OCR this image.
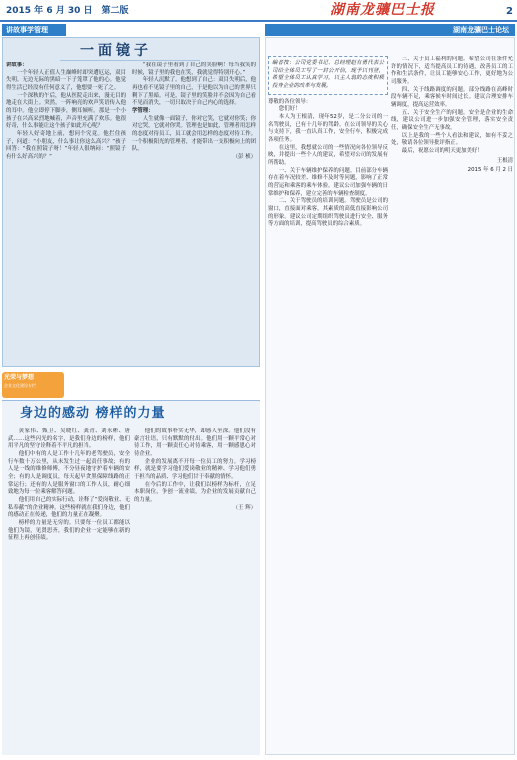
2015 年 6 月 30 日　 第二版	湖南龙骧巴士报	2
讲故事学管理
一面镜子

讲故事：

一个年轻人正值人生巅峰时却突遭厄运，双目失明。无边无际的黑暗一下子笼罩了他的心。他觉得生活已经没有任何意义了，他想要一死了之。

一个深秋的午后，他从医院走出来，漫无目的地走在大街上。突然，一阵响亮的欢声笑语传入他的耳中。他立即停下脚步，侧耳倾听。那是一个小孩子在兴高采烈地喊着，声音里充满了欢乐。他很好奇，什么事能让这个孩子如此开心呢？

年轻人好奇地上前，想问个究竟。他拦住孩子，问道：“小朋友，什么事让你这么高兴？”孩子回答：“我在照镜子呀！”年轻人很纳闷：“照镜子有什么好高兴的？”

“我在镜子里看到了自己的笑脸啊！每当我笑的时候，镜子里的我也在笑，我就觉得特别开心。”

年轻人沉默了。他想到了自己：双目失明后，他再也看不见镜子里的自己，于是他以为自己的世界只剩下了黑暗。可是，镜子里的笑脸并不会因为自己看不见而消失，一切只取决于自己内心的选择。

学管理：

人生就像一面镜子，你对它笑，它就对你笑；你对它哭，它就对你哭。管理也是如此，管理者用怎样的态度对待员工，员工就会用怎样的态度对待工作。一个积极阳光的管理者，才能带出一支积极向上的团队。

（彭 桢）

光荣与梦想
企业文化建设专栏
身边的感动 榜样的力量

黄家伟、甄卫、吴晓红、龚青、刘永彬、唐武……这些闪光的名字，是我们身边的榜样，他们用平凡的坚守诠释着不平凡的担当。

他们中有的人是工作十几年的老驾驶员，安全行车数十万公里，从未发生过一起责任事故；有的人是一线的维修师傅，不分昼夜地守护着车辆的安全；有的人是调度员，每天起早贪黑保障线路的正常运行；还有的人是服务窗口的工作人员，耐心细致地为每一位乘客解答问题。

他们用自己的实际行动，诠释了“爱岗敬业、无私奉献”的企业精神。这些榜样就在我们身边，他们的感动正在传递，他们的力量正在凝聚。

榜样的力量是无穷的。只要每一位员工都能以他们为镜，见贤思齐，我们的企业一定能够在新的征程上再创佳绩。

他们的故事朴实无华，却感人至深。他们没有豪言壮语，只有默默的付出。他们用一颗平常心对待工作，用一颗责任心对待乘客，用一颗感恩心对待企业。

企业的发展离不开每一位员工的努力。学习榜样，就是要学习他们爱岗敬业的精神、学习他们勇于担当的品质、学习他们甘于奉献的情怀。

在今后的工作中，让我们以榜样为标杆，立足本职岗位，争创一流业绩，为企业的发展贡献自己的力量。

（王 辉）

湖南龙骧巴士论坛
编者按：公司党委书记、总经理赵有勇代表公司给全体员工写了一封公开信，现予以刊登，希望全体员工认真学习，以主人翁的态度积极投身企业的改革与发展。

尊敬的各位领导：

您们好！

本人为王根清，现年52岁，是二分公司的一名驾驶员，已有十几年的驾龄。在公司领导的关心与支持下，我一直认真工作，安全行车，积极完成各项任务。

在这里，我想就公司的一些情况向各位领导反映，并提出一些个人的建议，希望对公司的发展有所帮助。

一、关于车辆维护保养的问题。目前部分车辆存在着车况较差、维修不及时等问题，影响了正常的营运和乘客的乘车体验。建议公司加强车辆的日常维护和保养，建立完善的车辆检查制度。

二、关于驾驶员的培训问题。驾驶员是公司的窗口，直接面对乘客，其素质的高低直接影响公司的形象。建议公司定期组织驾驶员进行安全、服务等方面的培训，提高驾驶员的综合素质。

三、关于员工福利的问题。希望公司在条件允许的情况下，适当提高员工的待遇，改善员工的工作和生活条件，让员工能够安心工作，更好地为公司服务。

四、关于线路调度的问题。部分线路在高峰时段车辆不足，乘客候车时间过长。建议合理安排车辆调度，提高运营效率。

五、关于安全生产的问题。安全是企业的生命线，建议公司进一步加强安全管理，落实安全责任，确保安全生产无事故。

以上是我的一些个人看法和建议，如有不妥之处，敬请各位领导批评指正。

最后，祝愿公司的明天更加美好！

王根清

2015 年 6 月 2 日
